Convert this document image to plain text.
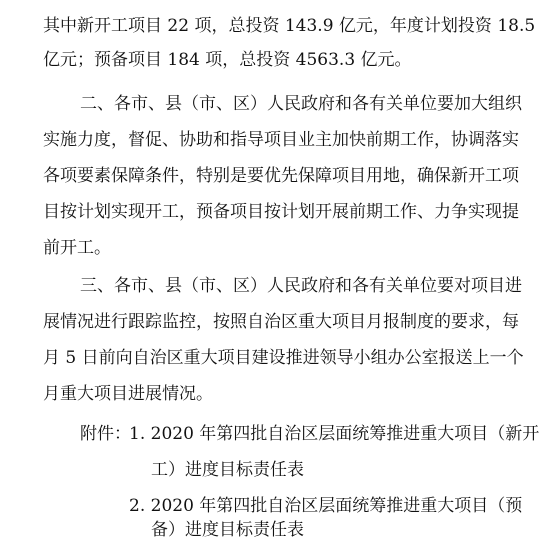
其中新开工项目 22 项，总投资 143.9 亿元，年度计划投资 18.5
亿元；预备项目 184 项，总投资 4563.3 亿元。
二、各市、县（市、区）人民政府和各有关单位要加大组织
实施力度，督促、协助和指导项目业主加快前期工作，协调落实
各项要素保障条件，特别是要优先保障项目用地，确保新开工项
目按计划实现开工，预备项目按计划开展前期工作、力争实现提
前开工。
三、各市、县（市、区）人民政府和各有关单位要对项目进
展情况进行跟踪监控，按照自治区重大项目月报制度的要求，每
月 5 日前向自治区重大项目建设推进领导小组办公室报送上一个
月重大项目进展情况。
附件：
1. 2020 年第四批自治区层面统筹推进重大项目（新开
工）进度目标责任表
2. 2020 年第四批自治区层面统筹推进重大项目（预
备）进度目标责任表
